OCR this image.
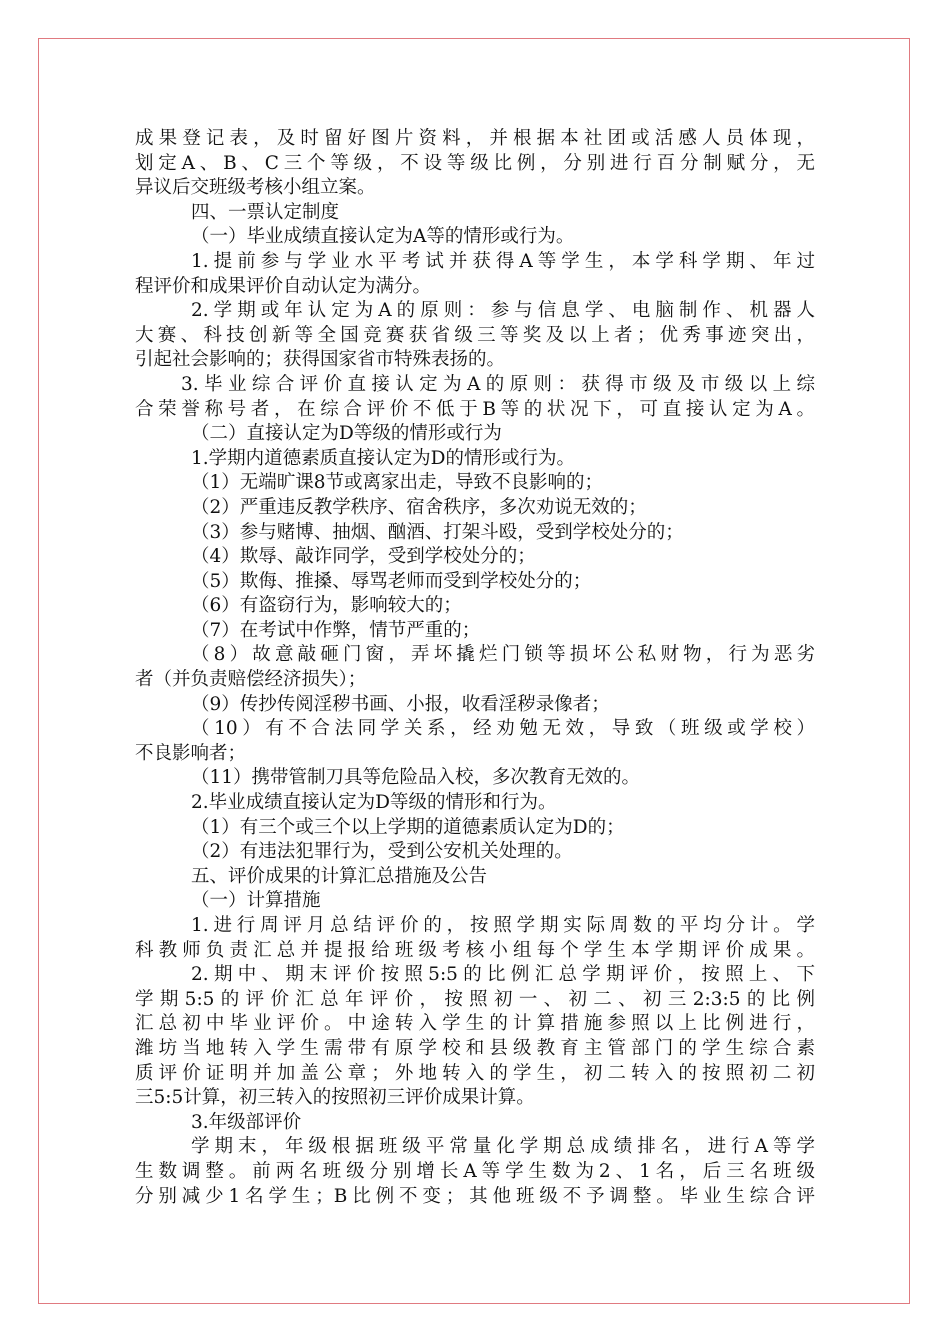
成果登记表，及时留好图片资料，并根据本社团或活感人员体现，
划定A、B、C三个等级，不设等级比例，分别进行百分制赋分，无
异议后交班级考核小组立案。
四、一票认定制度
（一）毕业成绩直接认定为A等的情形或行为。
1.提前参与学业水平考试并获得A等学生，本学科学期、年过
程评价和成果评价自动认定为满分。
2.学期或年认定为A的原则：参与信息学、电脑制作、机器人
大赛、科技创新等全国竞赛获省级三等奖及以上者；优秀事迹突出，
引起社会影响的；获得国家省市特殊表扬的。
3.毕业综合评价直接认定为A的原则：获得市级及市级以上综
合荣誉称号者，在综合评价不低于B等的状况下，可直接认定为A。
（二）直接认定为D等级的情形或行为
1.学期内道德素质直接认定为D的情形或行为。
（1）无端旷课8节或离家出走，导致不良影响的；
（2）严重违反教学秩序、宿舍秩序，多次劝说无效的；
（3）参与赌博、抽烟、酗酒、打架斗殴，受到学校处分的；
（4）欺辱、敲诈同学，受到学校处分的；
（5）欺侮、推搡、辱骂老师而受到学校处分的；
（6）有盗窃行为，影响较大的；
（7）在考试中作弊，情节严重的；
（8）故意敲砸门窗，弄坏撬烂门锁等损坏公私财物，行为恶劣
者（并负责赔偿经济损失）；
（9）传抄传阅淫秽书画、小报，收看淫秽录像者；
（10）有不合法同学关系，经劝勉无效，导致（班级或学校）
不良影响者；
（11）携带管制刀具等危险品入校，多次教育无效的。
2.毕业成绩直接认定为D等级的情形和行为。
（1）有三个或三个以上学期的道德素质认定为D的；
（2）有违法犯罪行为，受到公安机关处理的。
五、评价成果的计算汇总措施及公告
（一）计算措施
1.进行周评月总结评价的，按照学期实际周数的平均分计。学
科教师负责汇总并提报给班级考核小组每个学生本学期评价成果。
2.期中、期末评价按照5:5的比例汇总学期评价，按照上、下
学期5:5的评价汇总年评价，按照初一、初二、初三2:3:5的比例
汇总初中毕业评价。中途转入学生的计算措施参照以上比例进行，
潍坊当地转入学生需带有原学校和县级教育主管部门的学生综合素
质评价证明并加盖公章；外地转入的学生，初二转入的按照初二初
三5:5计算，初三转入的按照初三评价成果计算。
3.年级部评价
学期末，年级根据班级平常量化学期总成绩排名，进行A等学
生数调整。前两名班级分别增长A等学生数为2、1名，后三名班级
分别减少1名学生；B比例不变；其他班级不予调整。毕业生综合评
